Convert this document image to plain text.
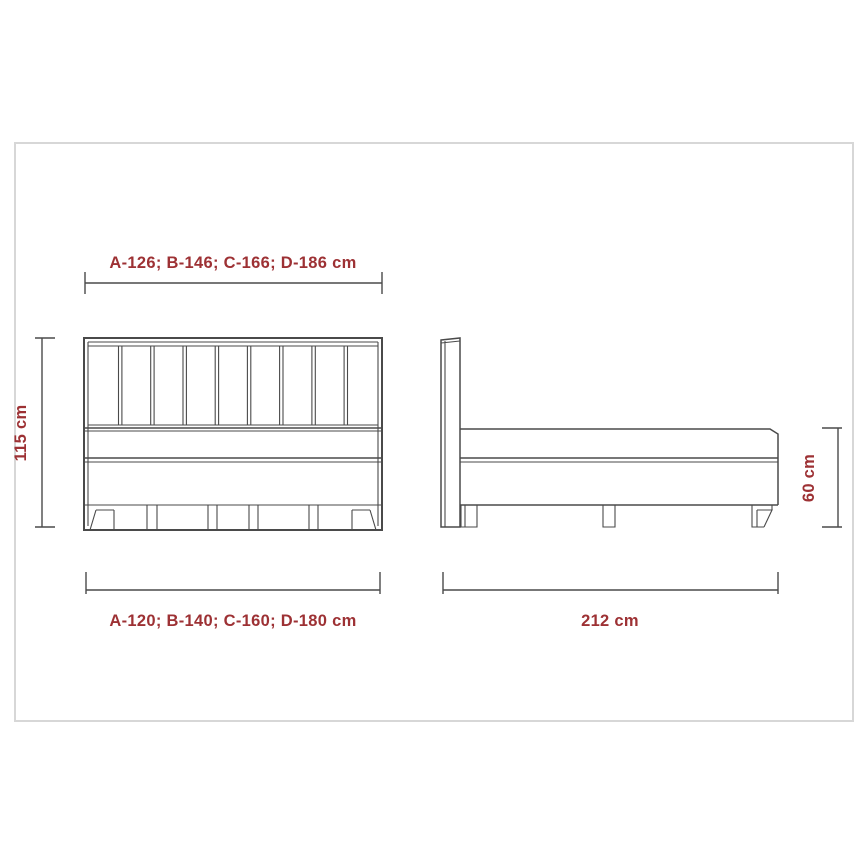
A-126; B-146; C-166; D-186 cm
115 cm
A-120; B-140; C-160; D-180 cm	212 cm
60 cm
